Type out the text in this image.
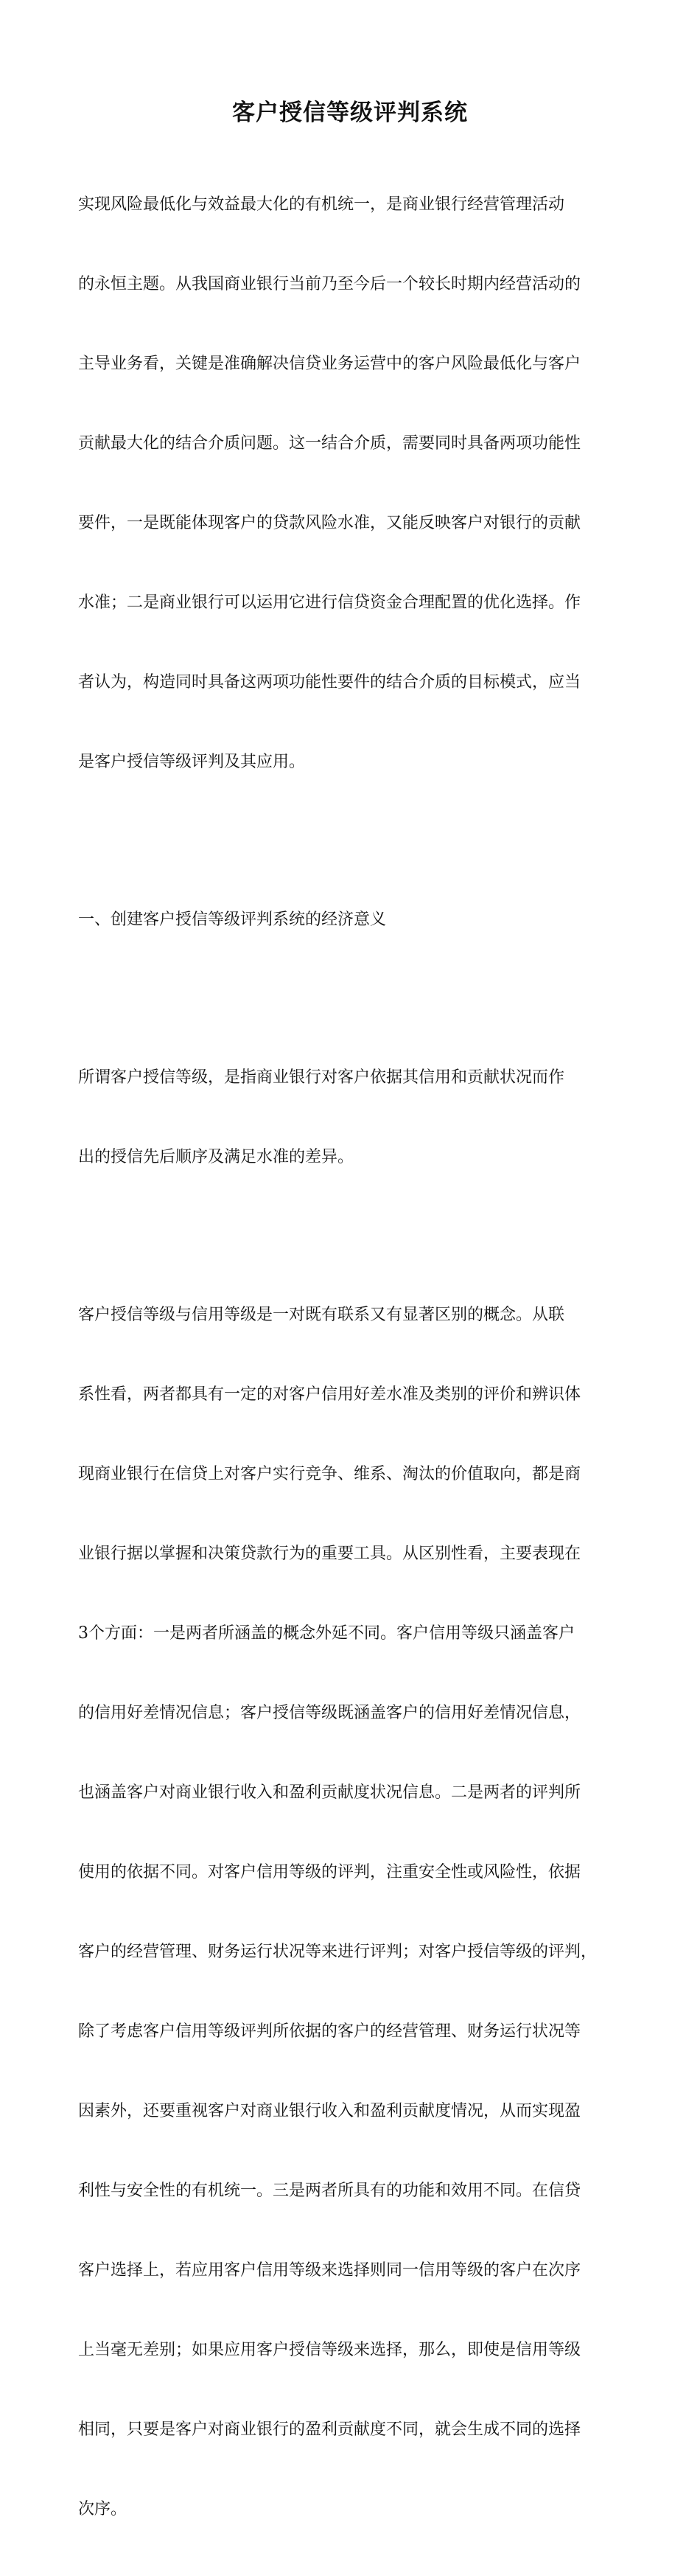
客户授信等级评判系统

实现风险最低化与效益最大化的有机统一，是商业银行经营管理活动

的永恒主题。从我国商业银行当前乃至今后一个较长时期内经营活动的

主导业务看，关键是准确解决信贷业务运营中的客户风险最低化与客户

贡献最大化的结合介质问题。这一结合介质，需要同时具备两项功能性

要件，一是既能体现客户的贷款风险水准，又能反映客户对银行的贡献

水准；二是商业银行可以运用它进行信贷资金合理配置的优化选择。作

者认为，构造同时具备这两项功能性要件的结合介质的目标模式，应当

是客户授信等级评判及其应用。

一、创建客户授信等级评判系统的经济意义

所谓客户授信等级，是指商业银行对客户依据其信用和贡献状况而作

出的授信先后顺序及满足水准的差异。

客户授信等级与信用等级是一对既有联系又有显著区别的概念。从联

系性看，两者都具有一定的对客户信用好差水准及类别的评价和辨识体

现商业银行在信贷上对客户实行竞争、维系、淘汰的价值取向，都是商

业银行据以掌握和决策贷款行为的重要工具。从区别性看，主要表现在

3个方面：一是两者所涵盖的概念外延不同。客户信用等级只涵盖客户

的信用好差情况信息；客户授信等级既涵盖客户的信用好差情况信息，

也涵盖客户对商业银行收入和盈利贡献度状况信息。二是两者的评判所

使用的依据不同。对客户信用等级的评判，注重安全性或风险性，依据

客户的经营管理、财务运行状况等来进行评判；对客户授信等级的评判，

除了考虑客户信用等级评判所依据的客户的经营管理、财务运行状况等

因素外，还要重视客户对商业银行收入和盈利贡献度情况，从而实现盈

利性与安全性的有机统一。三是两者所具有的功能和效用不同。在信贷

客户选择上，若应用客户信用等级来选择则同一信用等级的客户在次序

上当毫无差别；如果应用客户授信等级来选择，那么，即使是信用等级

相同，只要是客户对商业银行的盈利贡献度不同，就会生成不同的选择

次序。
